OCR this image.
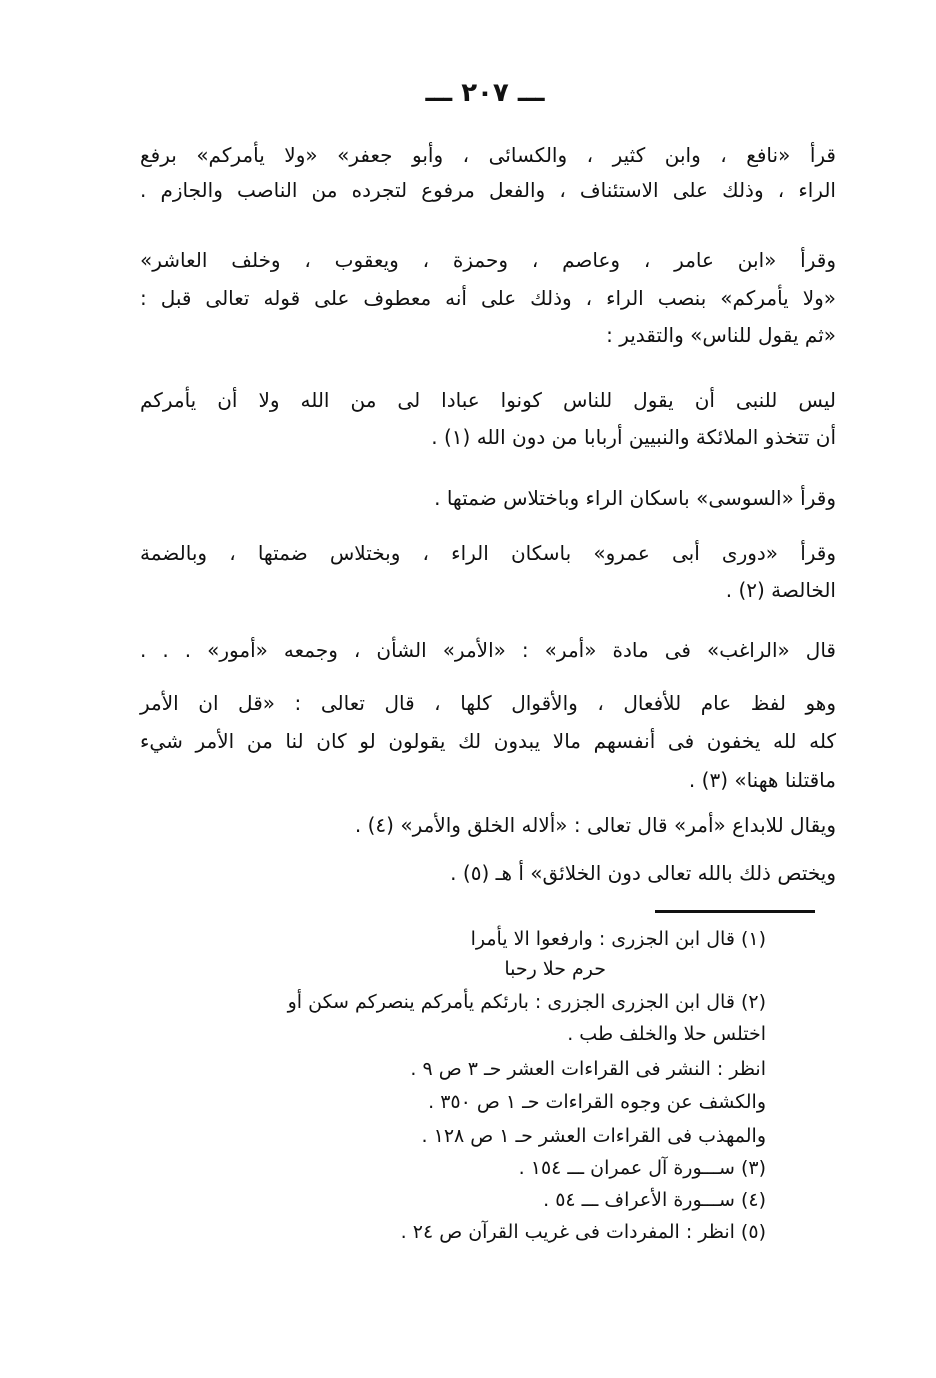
ـــ ٢٠٧ ـــ
قرأ «نافع ، وابن كثير ، والكسائى ، وأبو جعفر» «ولا يأمركم» برفع
الراء ، وذلك على الاستئناف ، والفعل مرفوع لتجرده من الناصب والجازم .
وقرأ «ابن عامر ، وعاصم ، وحمزة ، ويعقوب ، وخلف العاشر»
«ولا يأمركم» بنصب الراء ، وذلك على أنه معطوف على قوله تعالى قبل :
«ثم يقول للناس» والتقدير :
ليس للنبى أن يقول للناس كونوا عبادا لى من الله ولا أن يأمركم
أن تتخذو الملائكة والنبيين أربابا من دون الله (١) .
وقرأ «السوسى» باسكان الراء وباختلاس ضمتها .
وقرأ «دورى أبى عمرو» باسكان الراء ، وبختلاس ضمتها ، وبالضمة
الخالصة (٢) .
قال «الراغب» فى مادة «أمر» : «الأمر» الشأن ، وجمعه «أمور» . . .
وهو لفظ عام للأفعال ، والأقوال كلها ، قال تعالى : «قل ان الأمر
كله لله يخفون فى أنفسهم مالا يبدون لك يقولون لو كان لنا من الأمر شيء
ماقتلنا ههنا» (٣) .
ويقال للابداع «أمر» قال تعالى : «ألاله الخلق والأمر» (٤) .
ويختص ذلك بالله تعالى دون الخلائق» أ هـ (٥) .
(١) قال ابن الجزرى : وارفعوا الا يأمرا
حرم حلا رحبا
(٢) قال ابن الجزرى الجزرى : بارئكم يأمركم ينصركم سكن أو
اختلس حلا والخلف طب .
انظر : النشر فى القراءات العشر حـ ٣ ص ٩ .
والكشف عن وجوه القراءات حـ ١ ص ٣٥٠ .
والمهذب فى القراءات العشر حـ ١ ص ١٢٨ .
(٣) ســـورة آل عمران ـــ ١٥٤ .
(٤) ســـورة الأعراف ـــ ٥٤ .
(٥) انظر : المفردات فى غريب القرآن ص ٢٤ .
